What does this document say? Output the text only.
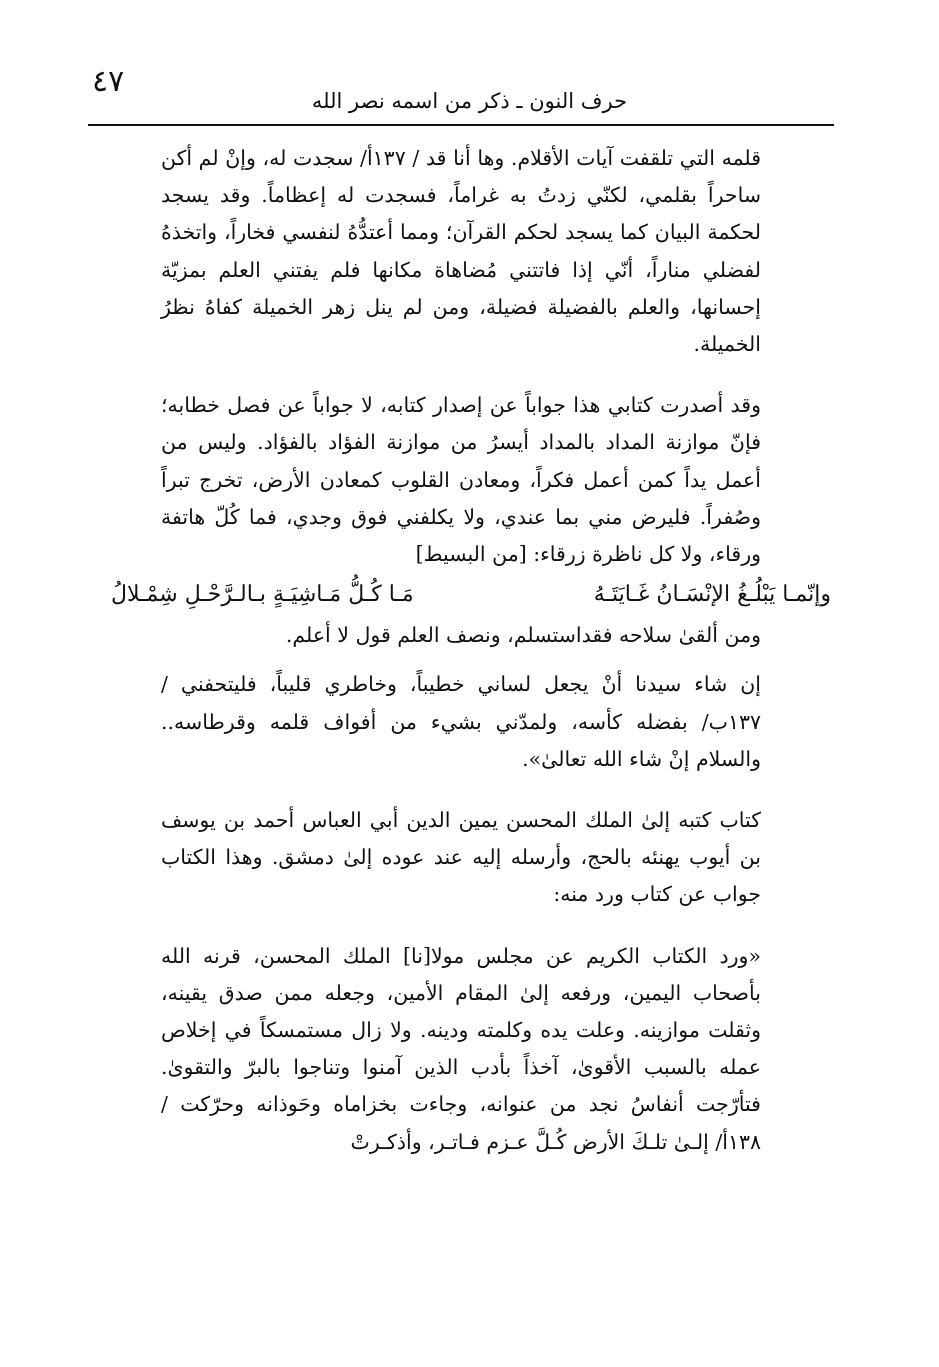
٤٧
حرف النون ـ ذكر من اسمه نصر الله

قلمه التي تلقفت آيات الأقلام. وها أنا قد / ١٣٧أ/ سجدت له، وإنْ لم أكن ساحراً بقلمي، لكنّي زدتُ به غراماً، فسجدت له إعظاماً. وقد يسجد لحكمة البيان كما يسجد لحكم القرآن؛ ومما أعتدُّهُ لنفسي فخاراً، واتخذهُ لفضلي مناراً، أنّي إذا فاتتني مُضاهاة مكانها فلم يفتني العلم بمزيّة إحسانها، والعلم بالفضيلة فضيلة، ومن لم ينل زهر الخميلة كفاهُ نظرُ الخميلة.

وقد أصدرت كتابي هذا جواباً عن إصدار كتابه، لا جواباً عن فصل خطابه؛ فإنّ موازنة المداد بالمداد أيسرُ من موازنة الفؤاد بالفؤاد. وليس من أعمل يداً كمن أعمل فكراً، ومعادن القلوب كمعادن الأرض، تخرج تبراً وصُفراً. فليرض مني بما عندي، ولا يكلفني فوق وجدي، فما كُلّ هاتفة ورقاء، ولا كل ناظرة زرقاء: [من البسيط]

وإنّمـا يَبْلُـغُ الإنْسَـانُ غَـايَتَـهُ
مَـا كُـلُّ مَـاشِيَـةٍ بـالـرَّحْـلِ شِمْـلالُ

ومن ألقىٰ سلاحه فقداستسلم، ونصف العلم قول لا أعلم.

إن شاء سيدنا أنْ يجعل لساني خطيباً، وخاطري قليباً، فليتحفني / ١٣٧ب/ بفضله كأسه، ولمدّني بشيء من أفواف قلمه وقرطاسه.. والسلام إنْ شاء الله تعالىٰ».

كتاب كتبه إلىٰ الملك المحسن يمين الدين أبي العباس أحمد بن يوسف بن أيوب يهنئه بالحج، وأرسله إليه عند عوده إلىٰ دمشق. وهذا الكتاب جواب عن كتاب ورد منه:

«ورد الكتاب الكريم عن مجلس مولا[نا] الملك المحسن، قرنه الله بأصحاب اليمين، ورفعه إلىٰ المقام الأمين، وجعله ممن صدق يقينه، وثقلت موازينه. وعلت يده وكلمته ودينه. ولا زال مستمسكاً في إخلاص عمله بالسبب الأقوىٰ، آخذاً بأدب الذين آمنوا وتناجوا بالبرّ والتقوىٰ. فتأرّجت أنفاسُ نجد من عنوانه، وجاءت بخزاماه وحَوذانه وحرّكت / ١٣٨أ/ إلـىٰ تلـكَ الأرض كُـلَّ عـزم فـاتـر، وأذكـرتْ
